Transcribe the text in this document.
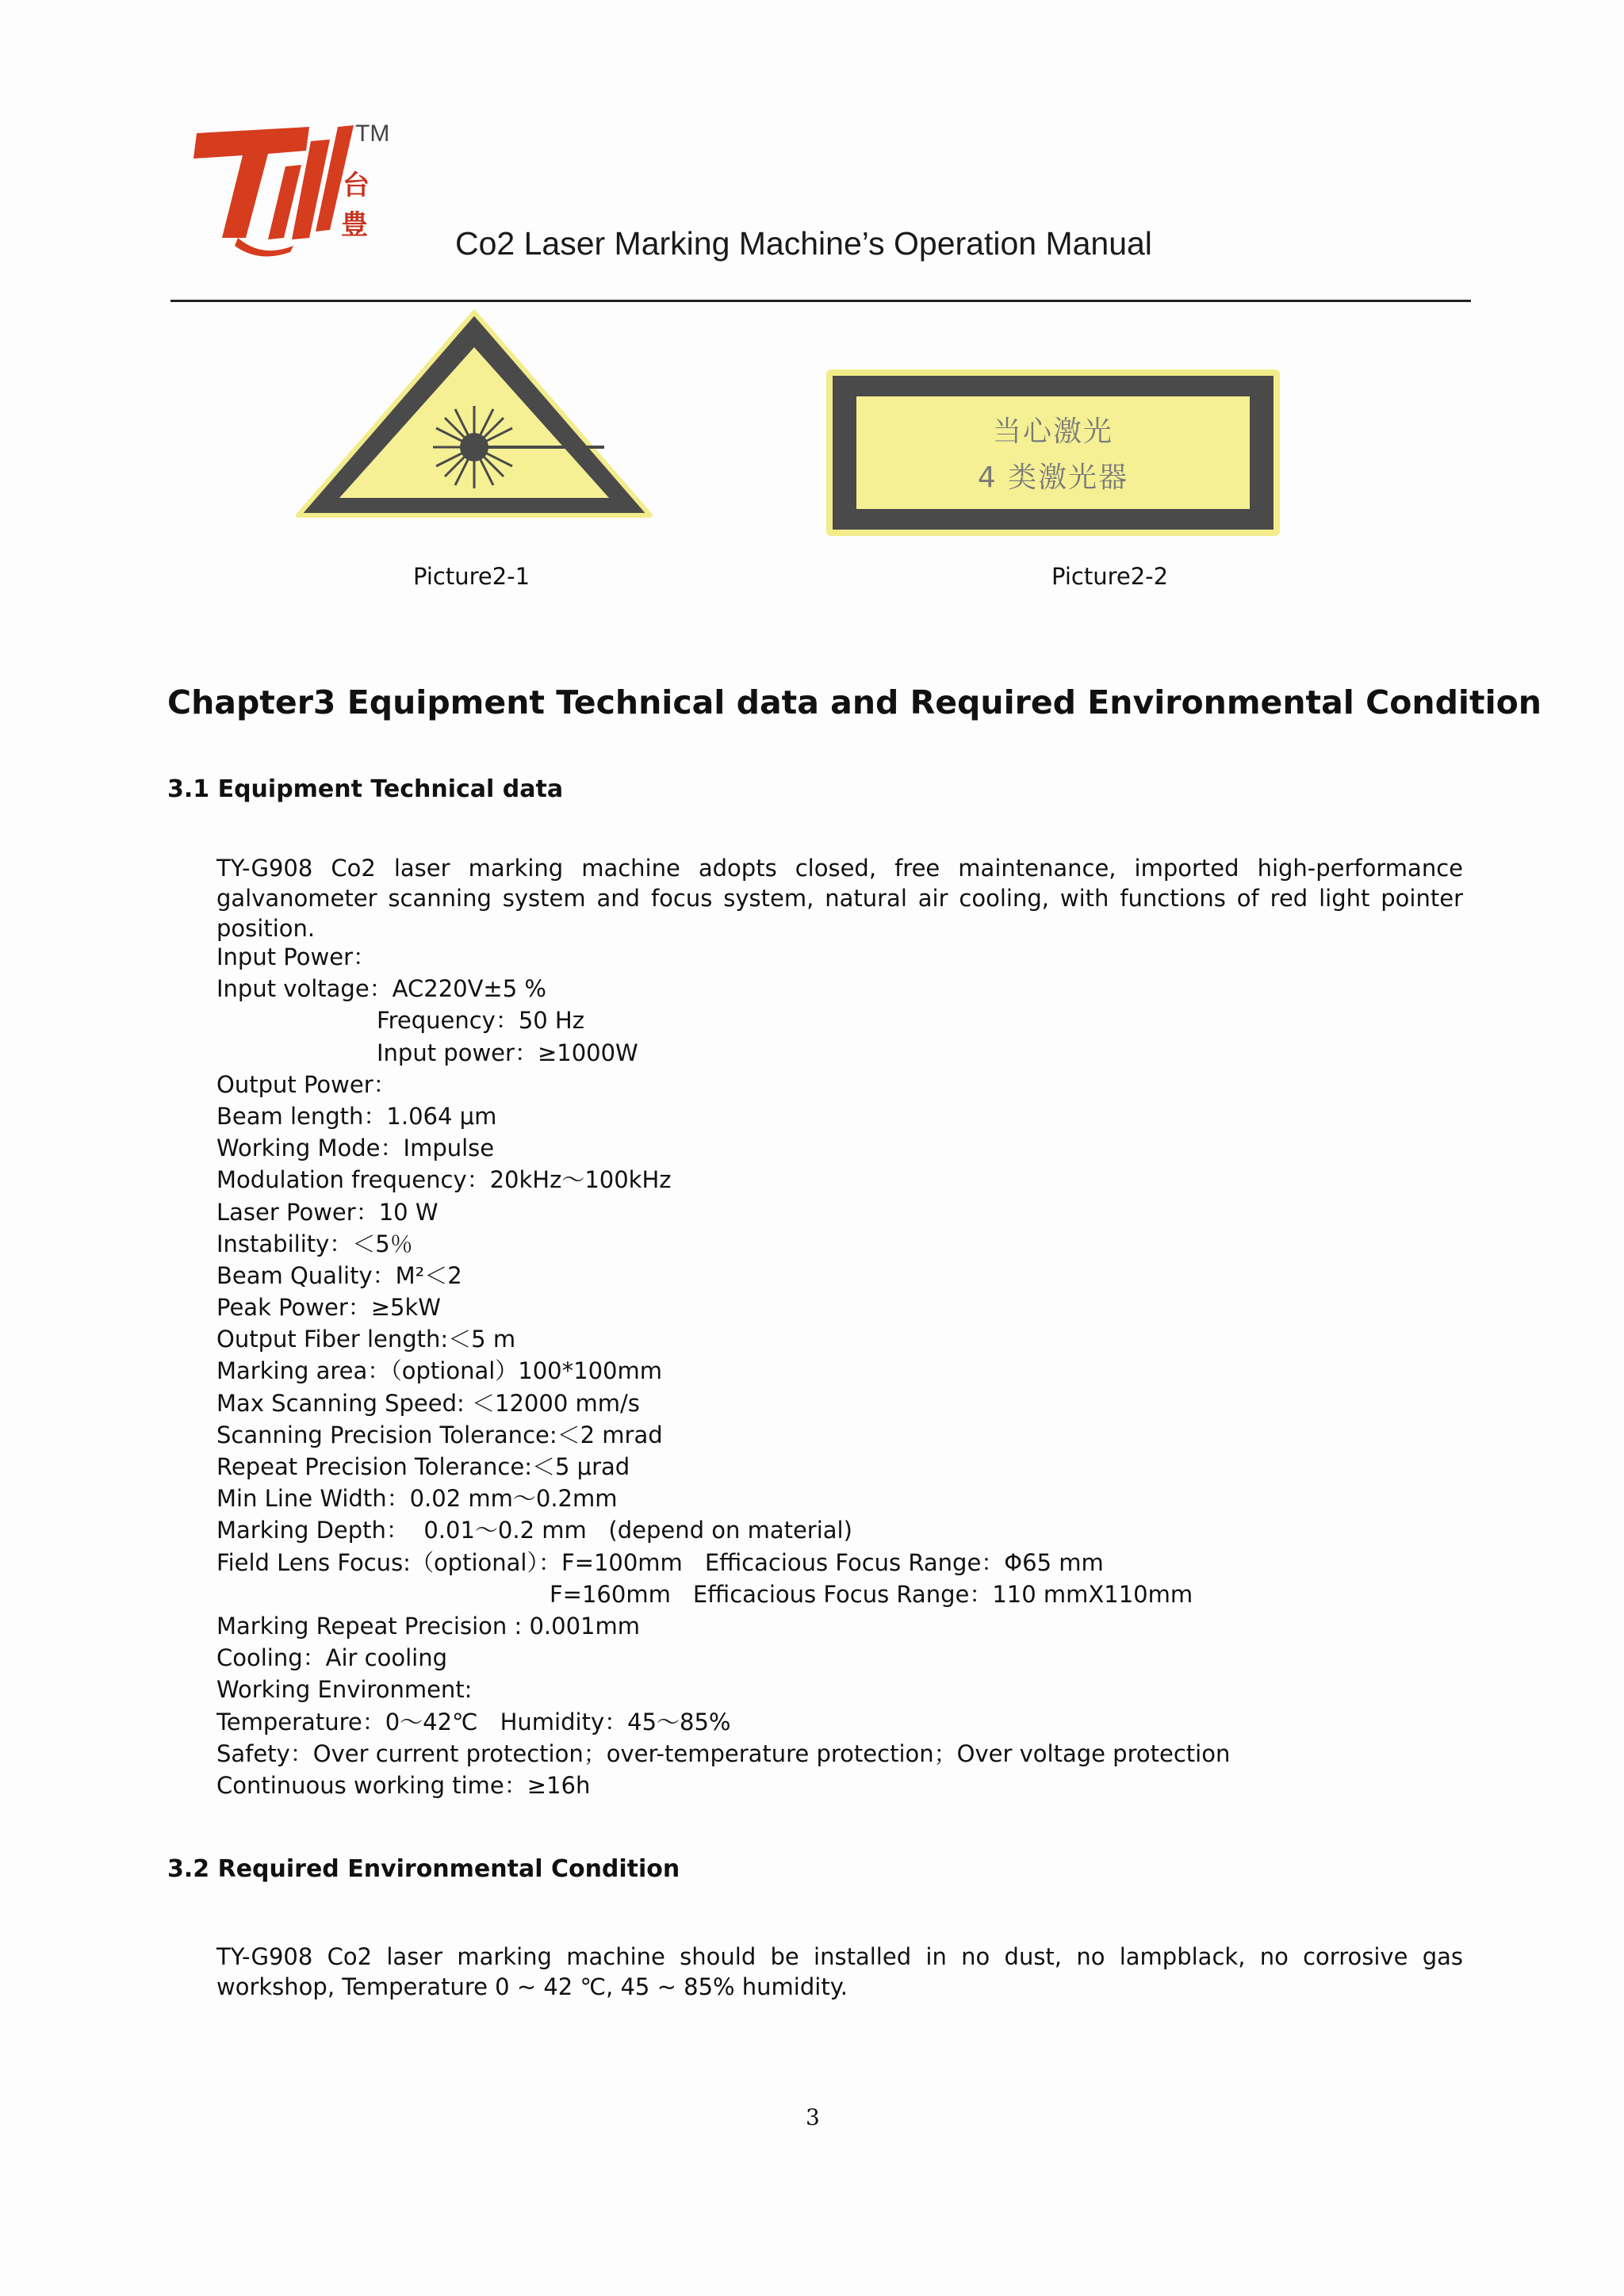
TM
台
豊	Co2 Laser Marking Machine’s Operation Manual
Picture2-1
当心激光
4 类激光器
Picture2-2
Chapter3 Equipment Technical data and Required Environmental Condition
3.1 Equipment Technical data
TY-G908 Co2 laser marking machine adopts closed, free maintenance, imported high-performance galvanometer scanning system and focus system, natural air cooling, with functions of red light pointer position.
Input Power：
Input voltage：AC220V±5 %
Frequency：50 Hz
Input power：≥1000W
Output Power：
Beam length：1.064 μm
Working Mode：Impulse
Modulation frequency：20kHz～100kHz
Laser Power：10 W
Instability：＜5％
Beam Quality：M²＜2
Peak Power：≥5kW
Output Fiber length:＜5 m
Marking area：（optional）100*100mm
Max Scanning Speed: ＜12000 mm/s
Scanning Precision Tolerance:＜2 mrad
Repeat Precision Tolerance:＜5 μrad
Min Line Width：0.02 mm～0.2mm
Marking Depth：  0.01～0.2 mm   (depend on material)
Field Lens Focus:（optional）：F=100mm Efficacious Focus Range：Φ65 mm
F=160mm Efficacious Focus Range：110 mmX110mm
Marking Repeat Precision : 0.001mm
Cooling：Air cooling
Working Environment:
Temperature：0～42℃ Humidity：45～85%
Safety：Over current protection；over-temperature protection；Over voltage protection
Continuous working time：≥16h
3.2 Required Environmental Condition
TY-G908 Co2 laser marking machine should be installed in no dust, no lampblack, no corrosive gas workshop, Temperature 0 ~ 42 ℃, 45 ~ 85% humidity.
3
